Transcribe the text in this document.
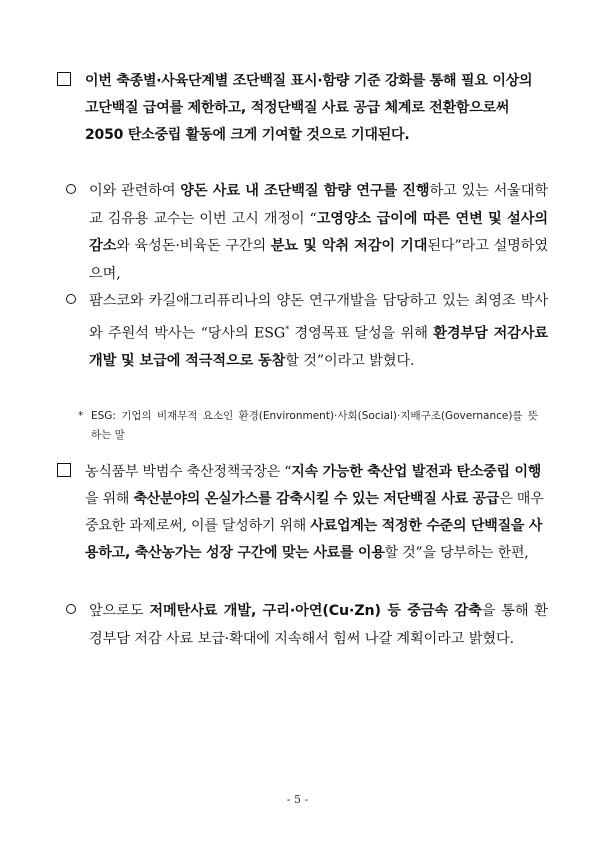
이번 축종별·사육단계별 조단백질 표시·함량 기준 강화를 통해 필요 이상의 고단백질 급여를 제한하고, 적정단백질 사료 공급 체계로 전환함으로써 2050 탄소중립 활동에 크게 기여할 것으로 기대된다.
이와 관련하여 양돈 사료 내 조단백질 함량 연구를 진행하고 있는 서울대학교 김유용 교수는 이번 고시 개정이 “고영양소 급이에 따른 연변 및 설사의 감소와 육성돈·비육돈 구간의 분뇨 및 악취 저감이 기대된다”라고 설명하였으며,
팜스코와 카길애그리퓨리나의 양돈 연구개발을 담당하고 있는 최영조 박사와 주원석 박사는 “당사의 ESG* 경영목표 달성을 위해 환경부담 저감사료 개발 및 보급에 적극적으로 동참할 것”이라고 밝혔다.
* ESG: 기업의 비재무적 요소인 환경(Environment)·사회(Social)·지배구조(Governance)를 뜻하는 말
농식품부 박범수 축산정책국장은 “지속 가능한 축산업 발전과 탄소중립 이행을 위해 축산분야의 온실가스를 감축시킬 수 있는 저단백질 사료 공급은 매우 중요한 과제로써, 이를 달성하기 위해 사료업계는 적정한 수준의 단백질을 사용하고, 축산농가는 성장 구간에 맞는 사료를 이용할 것”을 당부하는 한편,
앞으로도 저메탄사료 개발, 구리·아연(Cu·Zn) 등 중금속 감축을 통해 환경부담 저감 사료 보급·확대에 지속해서 힘써 나갈 계획이라고 밝혔다.
- 5 -
